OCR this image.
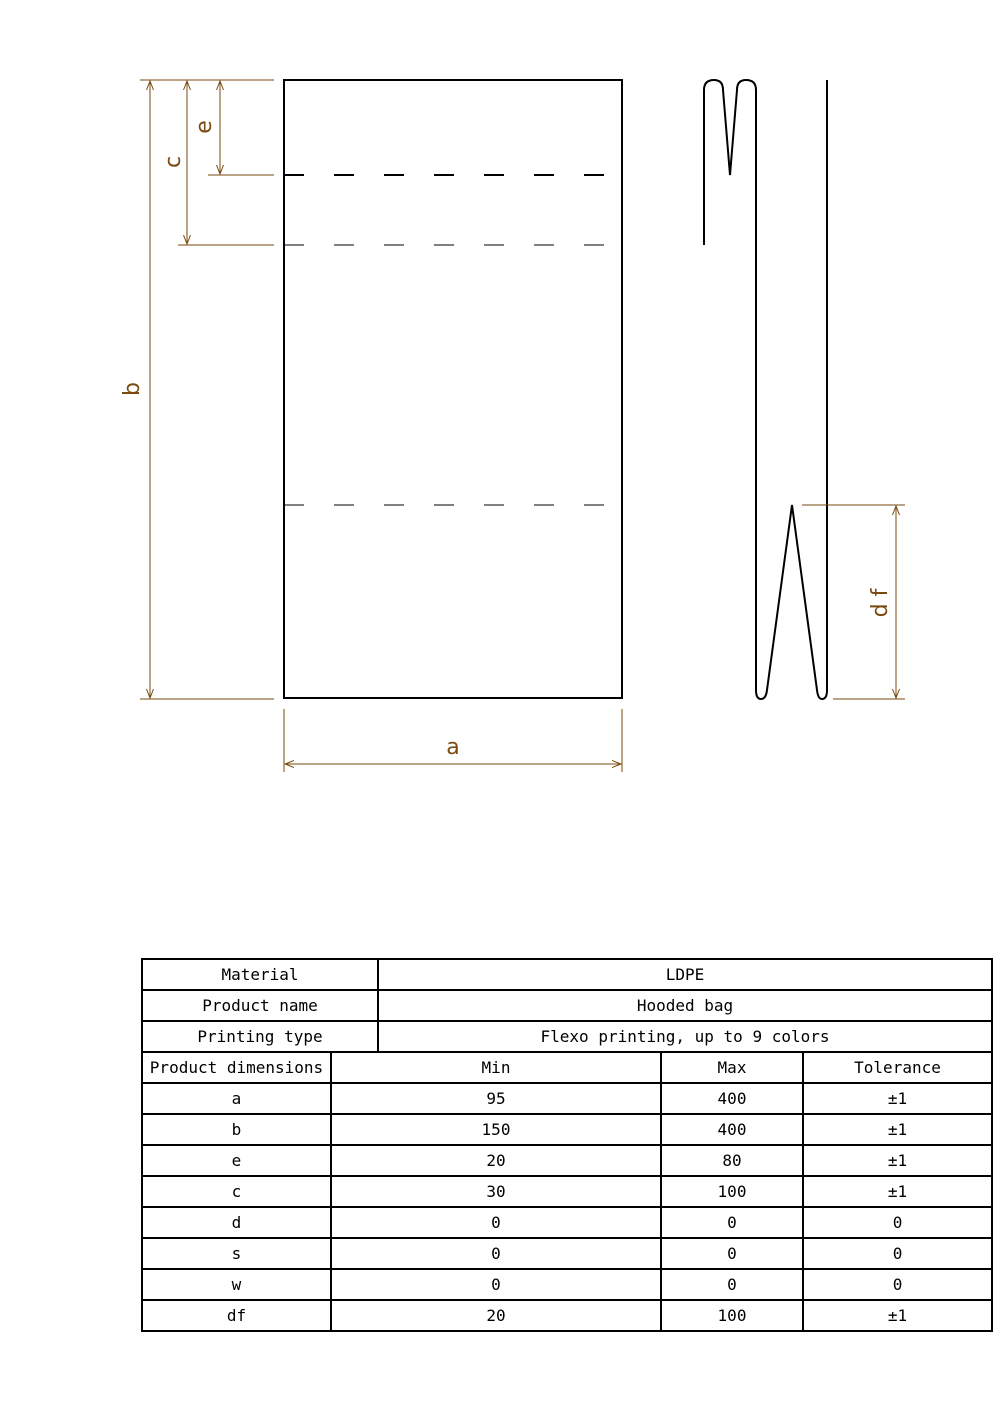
b
c
e
a
d f
Material		LDPE		
Product name		Hooded bag		
Printing type		Flexo printing, up to 9 colors		
Product dimensions	Min		Max	Tolerance
a	95		400	±1
b	150		400	±1
e	20		80	±1
c	30		100	±1
d	0		0	0
s	0		0	0
w	0		0	0
df	20		100	±1
